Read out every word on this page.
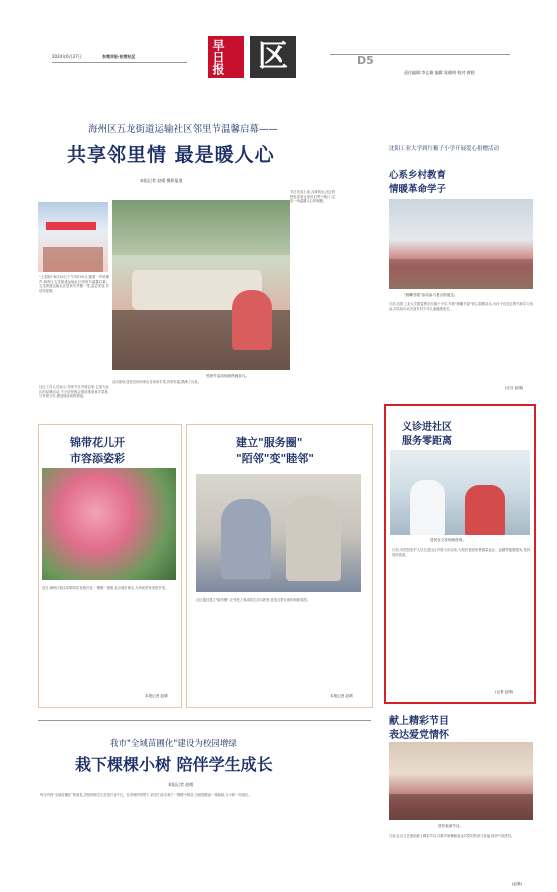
2024年6月27日	东莞早报·东莞社区	早日报 区	D5
责任编辑:李志雄 编辑:张晓明 校对:黄晓
海州区五龙街道运输社区邻里节温馨启幕——
共享邻里情 最是暖人心
本报记者 赵晴 摄影报道
邻里节活动现场热闹非凡。
"上菜啦!"6月24日下午5时45分,随着一声吆喝声,海州区五龙街道运输社区邻里节温馨启幕。五龙街道运输社区居民们齐聚一堂,品尝美食,共话邻里情。
社区工作人员表示,邻里节自开展以来,已成为社区的品牌活动,不少居民都会提前准备拿手菜肴,与邻里分享,增进彼此间的情谊。
节日饮食上桌,五味俱全,社区的特色菜肴让居民们赞不绝口,这是一场温暖人心的相聚。
活动现场,居民们纷纷拿出自家拿手菜,有荤有素,摆满了长桌。
沈阳工业大学到红椒子小学开展爱心捐赠活动
心系乡村教育
情暖革命学子
"晨曦书屋"活动参与者合影留念。
日前,沈阳工业大学团委携手红椒子小学,开展"晨曦书屋"爱心捐赠活动,为孩子们送去图书和学习用品,用实际行动关爱乡村少年儿童健康成长。
(汪自 赵晴)
锦带花儿开
市容添姿彩
近日,海州区街头的锦带花竞相开放,一簇簇一团团,装点城市街头,为市民带来美的享受。
本报记者 赵晴
建立"服务圈"
"陌邻"变"睦邻"
社区通过建立"服务圈",让邻里之间从陌生走向熟悉,营造互帮互助的和睦氛围。
本报记者 赵晴
义诊进社区
服务零距离
居民在义诊现场咨询。
日前,市医院医护人员走进社区开展义诊活动,为居民提供免费测量血压、血糖等健康服务,受到居民欢迎。
(记者 赵晴)
我市"全域苗圃化"建设为校园增绿
栽下棵棵小树 陪伴学生成长
本报记者 赵晴
每当听到"全域苗圃化"的消息,学校的师生们总是兴奋不已。在老师的带领下,同学们亲手栽下一棵棵小树苗,为校园增添一抹新绿,与小树一同成长。
献上精彩节目
表达爱党情怀
居民表演节目。
日前,社区文艺团队献上精彩节目,以歌声和舞蹈表达对党的热爱与祝福,现场气氛热烈。
(赵晴)
